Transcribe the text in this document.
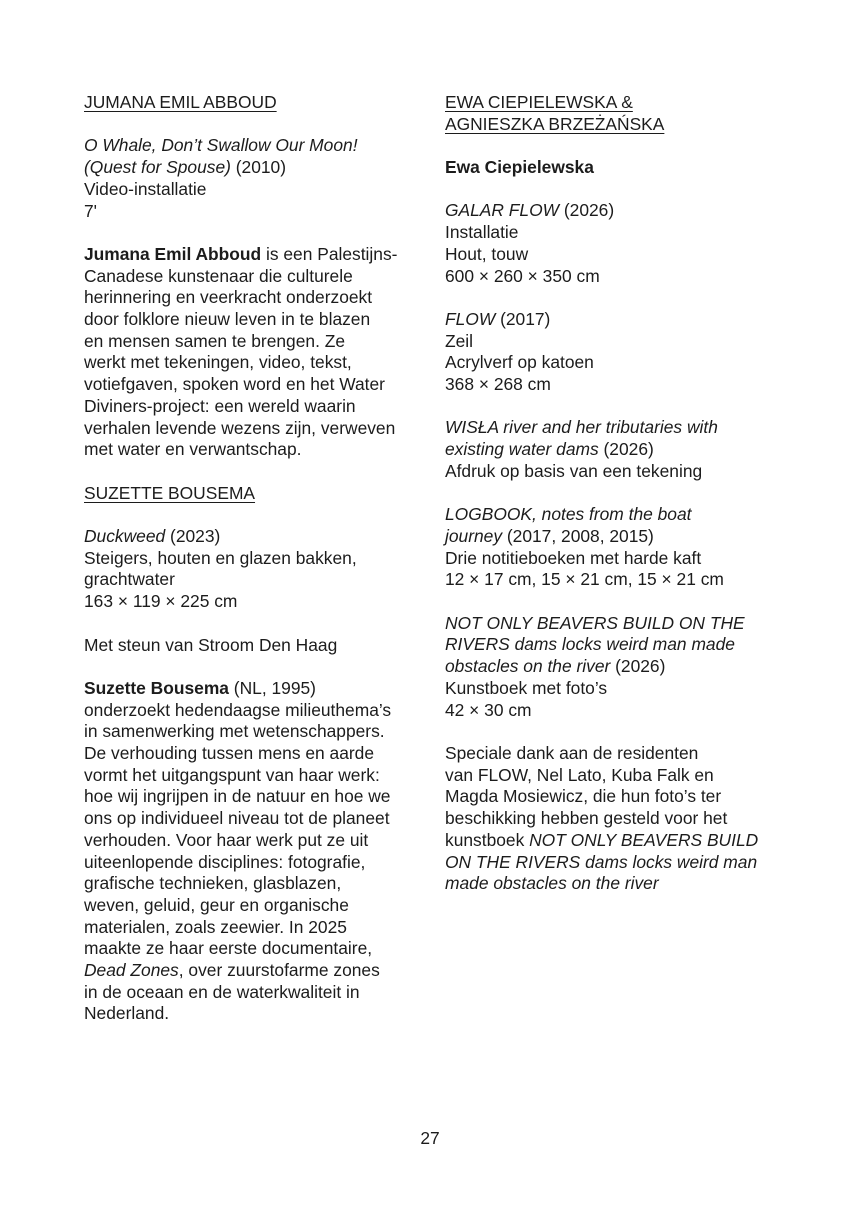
JUMANA EMIL ABBOUD

O Whale, Don’t Swallow Our Moon!

(Quest for Spouse) (2010)

Video-installatie

7'

Jumana Emil Abboud is een Palestijns-

Canadese kunstenaar die culturele

herinnering en veerkracht onderzoekt

door folklore nieuw leven in te blazen

en mensen samen te brengen. Ze

werkt met tekeningen, video, tekst,

votiefgaven, spoken word en het Water

Diviners-project: een wereld waarin

verhalen levende wezens zijn, verweven

met water en verwantschap.

SUZETTE BOUSEMA

Duckweed (2023)

Steigers, houten en glazen bakken,

grachtwater

163 × 119 × 225 cm

Met steun van Stroom Den Haag

Suzette Bousema (NL, 1995)

onderzoekt hedendaagse milieuthema’s

in samenwerking met wetenschappers.

De verhouding tussen mens en aarde

vormt het uitgangspunt van haar werk:

hoe wij ingrijpen in de natuur en hoe we

ons op individueel niveau tot de planeet

verhouden. Voor haar werk put ze uit

uiteenlopende disciplines: fotografie,

grafische technieken, glasblazen,

weven, geluid, geur en organische

materialen, zoals zeewier. In 2025

maakte ze haar eerste documentaire,

Dead Zones, over zuurstofarme zones

in de oceaan en de waterkwaliteit in

Nederland.

EWA CIEPIELEWSKA &

AGNIESZKA BRZEŻAŃSKA

Ewa Ciepielewska

GALAR FLOW (2026)

Installatie

Hout, touw

600 × 260 × 350 cm

FLOW (2017)

Zeil

Acrylverf op katoen

368 × 268 cm

WISŁA river and her tributaries with

existing water dams (2026)

Afdruk op basis van een tekening

LOGBOOK, notes from the boat

journey (2017, 2008, 2015)

Drie notitieboeken met harde kaft

12 × 17 cm, 15 × 21 cm, 15 × 21 cm

NOT ONLY BEAVERS BUILD ON THE

RIVERS dams locks weird man made

obstacles on the river (2026)

Kunstboek met foto’s

42 × 30 cm

Speciale dank aan de residenten

van FLOW, Nel Lato, Kuba Falk en

Magda Mosiewicz, die hun foto’s ter

beschikking hebben gesteld voor het

kunstboek NOT ONLY BEAVERS BUILD

ON THE RIVERS dams locks weird man

made obstacles on the river

27
